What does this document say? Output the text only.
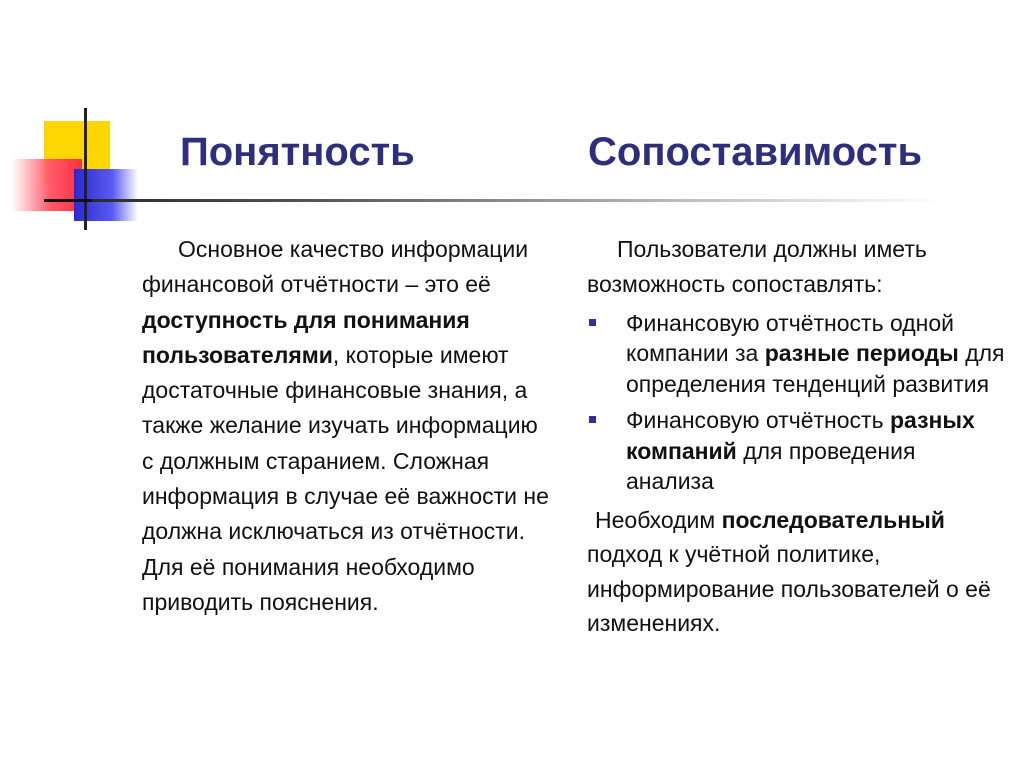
Понятность	Сопоставимость

Основное качество информации финансовой отчётности – это её доступность для понимания пользователями, которые имеют достаточные финансовые знания, а также желание изучать информацию с должным старанием. Сложная информация в случае её важности не должна исключаться из отчётности. Для её понимания необходимо приводить пояснения.

Пользователи должны иметь возможность сопоставлять:

Финансовую отчётность одной компании за разные периоды для определения тенденций развития
Финансовую отчётность разных компаний для проведения анализа

Необходим последовательный подход к учётной политике, информирование пользователей о её изменениях.
